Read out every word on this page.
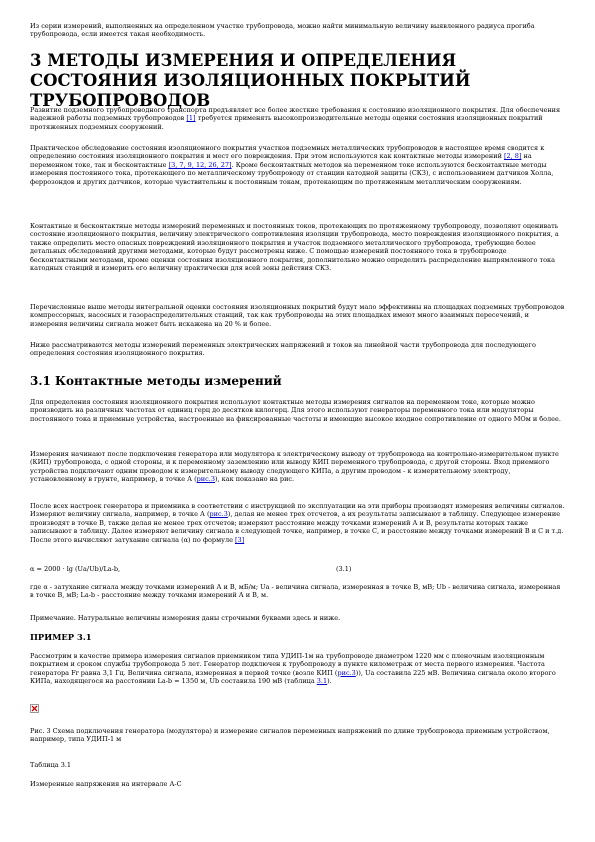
Из серии измерений, выполненных на определенном участке трубопровода, можно найти минимальную величину выявленного радиуса прогиба трубопровода, если имеется такая необходимость.

3 МЕТОДЫ ИЗМЕРЕНИЯ И ОПРЕДЕЛЕНИЯ СОСТОЯНИЯ ИЗОЛЯЦИОННЫХ ПОКРЫТИЙ ТРУБОПРОВОДОВ

Развитие подземного трубопроводного транспорта предъявляет все более жесткие требования к состоянию изоляционного покрытия. Для обеспечения надежной работы подземных трубопроводов [1] требуется применять высокопроизводительные методы оценки состояния изоляционных покрытий протяженных подземных сооружений.

Практическое обследование состояния изоляционного покрытия участков подземных металлических трубопроводов в настоящее время сводится к определению состояния изоляционного покрытия и мест его повреждения. При этом используются как контактные методы измерений [2, 8] на переменном токе, так и бесконтактные [3, 7, 9, 12, 26, 27]. Кроме бесконтактных методов на переменном токе используются бесконтактные методы измерения постоянного тока, протекающего по металлическому трубопроводу от станции катодной защиты (СКЗ), с использованием датчиков Холла, феррозондов и других датчиков, которые чувствительны к постоянным токам, протекающим по протяженным металлическим сооружениям.

Контактные и бесконтактные методы измерений переменных и постоянных токов, протекающих по протяженному трубопроводу, позволяют оценивать состояние изоляционного покрытия, величину электрического сопротивления изоляции трубопровода, место повреждения изоляционного покрытия, а также определить место опасных повреждений изоляционного покрытия и участок подземного металлического трубопровода, требующие более детальных обследований другими методами, которые будут рассмотрены ниже. С помощью измерений постоянного тока в трубопроводе бесконтактными методами, кроме оценки состояния изоляционного покрытия, дополнительно можно определить распределение выпрямленного тока катодных станций и измерить его величину практически для всей зоны действия СКЗ.

Перечисленные выше методы интегральной оценки состояния изоляционных покрытий будут мало эффективны на площадках подземных трубопроводов компрессорных, насосных и газораспределительных станций, так как трубопроводы на этих площадках имеют много взаимных пересечений, и измерения величины сигнала может быть искажена на 20 % и более.

Ниже рассматриваются методы измерений переменных электрических напряжений и токов на линейной части трубопровода для последующего определения состояния изоляционного покрытия.

3.1 Контактные методы измерений

Для определения состояния изоляционного покрытия используют контактные методы измерения сигналов на переменном токе, которые можно производить на различных частотах от единиц герц до десятков килогерц. Для этого используют генераторы переменного тока или модуляторы постоянного тока и приемные устройства, настроенные на фиксированные частоты и имеющие высокое входное сопротивление от одного МОм и более.

Измерения начинают после подключения генератора или модулятора к электрическому выводу от трубопровода на контрольно-измерительном пункте (КИП) трубопровода, с одной стороны, и к переменному заземлению или выводу КИП переменного трубопровода, с другой стороны. Вход приемного устройства подключают одним проводом к измерительному выводу следующего КИПа, а другим проводом - к измерительному электроду, установленному в грунте, например, в точке А (рис.3), как показано на рис.

После всех настроек генератора и приемника в соответствии с инструкцией по эксплуатации на эти приборы производят измерения величины сигналов. Измеряют величину сигнала, например, в точке А (рис.3), делая не менее трех отсчетов, а их результаты записывают в таблицу. Следующее измерение производят в точке В, также делая не менее трех отсчетов; измеряют расстояние между точками измерений А и В, результаты которых также записывают в таблицу. Далее измеряют величину сигнала в следующей точке, например, в точке С, и расстояние между точками измерений В и С и т.д. После этого вычисляют затухание сигнала (α) по формуле [3]

α = 2000 · lg (Ua/Ub)/La-b,	(3.1)

где α - затухание сигнала между точками измерений А и В, мБ/м; Ua - величина сигнала, измеренная в точке В, мВ; Ub - величина сигнала, измеренная в точке В, мВ; La-b - расстояние между точками измерений А и В, м.

Примечание. Натуральные величины измерения даны строчными буквами здесь и ниже.

ПРИМЕР 3.1

Рассмотрим в качестве примера измерения сигналов приемником типа УДИП-1м на трубопроводе диаметром 1220 мм с пленочным изоляционным покрытием и сроком службы трубопровода 5 лет. Генератор подключен к трубопроводу в пункте километраж от места первого измерения. Частота генератора Fr равна 3,1 Гц. Величина сигнала, измеренная в первой точке (возле КИП (рис.3)), Ua составила 225 мВ. Величина сигнала около второго КИПа, находящегося на расстоянии La-b = 1350 м, Ub составила 190 мВ (таблица 3.1).

Рис. 3 Схема подключения генератора (модулятора) и измерение сигналов переменных напряжений по длине трубопровода приемным устройством, например, типа УДИП-1 м

Таблица 3.1

Измеренные напряжения на интервале А-С
